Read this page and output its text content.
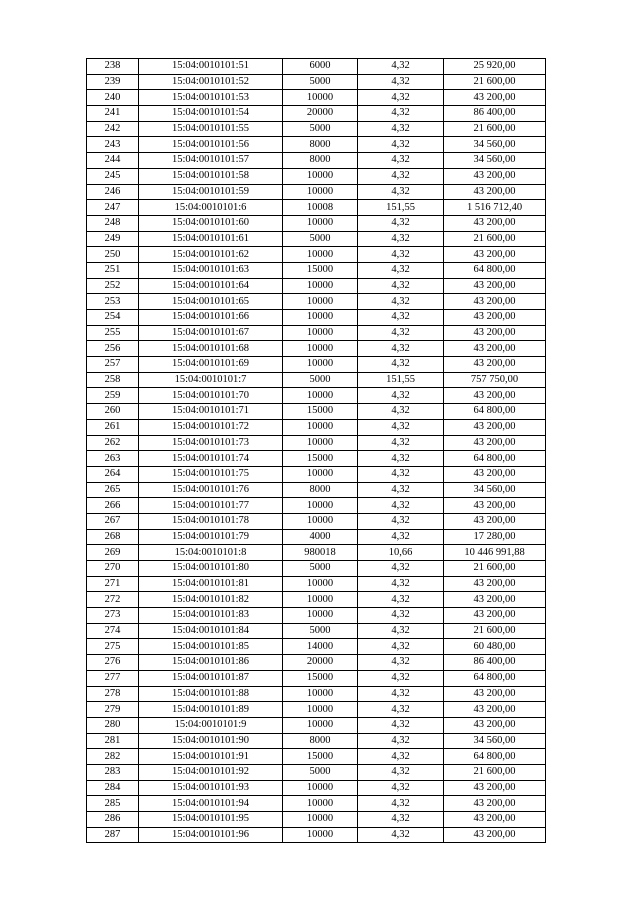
238	15:04:0010101:51	6000	4,32	25 920,00
239	15:04:0010101:52	5000	4,32	21 600,00
240	15:04:0010101:53	10000	4,32	43 200,00
241	15:04:0010101:54	20000	4,32	86 400,00
242	15:04:0010101:55	5000	4,32	21 600,00
243	15:04:0010101:56	8000	4,32	34 560,00
244	15:04:0010101:57	8000	4,32	34 560,00
245	15:04:0010101:58	10000	4,32	43 200,00
246	15:04:0010101:59	10000	4,32	43 200,00
247	15:04:0010101:6	10008	151,55	1 516 712,40
248	15:04:0010101:60	10000	4,32	43 200,00
249	15:04:0010101:61	5000	4,32	21 600,00
250	15:04:0010101:62	10000	4,32	43 200,00
251	15:04:0010101:63	15000	4,32	64 800,00
252	15:04:0010101:64	10000	4,32	43 200,00
253	15:04:0010101:65	10000	4,32	43 200,00
254	15:04:0010101:66	10000	4,32	43 200,00
255	15:04:0010101:67	10000	4,32	43 200,00
256	15:04:0010101:68	10000	4,32	43 200,00
257	15:04:0010101:69	10000	4,32	43 200,00
258	15:04:0010101:7	5000	151,55	757 750,00
259	15:04:0010101:70	10000	4,32	43 200,00
260	15:04:0010101:71	15000	4,32	64 800,00
261	15:04:0010101:72	10000	4,32	43 200,00
262	15:04:0010101:73	10000	4,32	43 200,00
263	15:04:0010101:74	15000	4,32	64 800,00
264	15:04:0010101:75	10000	4,32	43 200,00
265	15:04:0010101:76	8000	4,32	34 560,00
266	15:04:0010101:77	10000	4,32	43 200,00
267	15:04:0010101:78	10000	4,32	43 200,00
268	15:04:0010101:79	4000	4,32	17 280,00
269	15:04:0010101:8	980018	10,66	10 446 991,88
270	15:04:0010101:80	5000	4,32	21 600,00
271	15:04:0010101:81	10000	4,32	43 200,00
272	15:04:0010101:82	10000	4,32	43 200,00
273	15:04:0010101:83	10000	4,32	43 200,00
274	15:04:0010101:84	5000	4,32	21 600,00
275	15:04:0010101:85	14000	4,32	60 480,00
276	15:04:0010101:86	20000	4,32	86 400,00
277	15:04:0010101:87	15000	4,32	64 800,00
278	15:04:0010101:88	10000	4,32	43 200,00
279	15:04:0010101:89	10000	4,32	43 200,00
280	15:04:0010101:9	10000	4,32	43 200,00
281	15:04:0010101:90	8000	4,32	34 560,00
282	15:04:0010101:91	15000	4,32	64 800,00
283	15:04:0010101:92	5000	4,32	21 600,00
284	15:04:0010101:93	10000	4,32	43 200,00
285	15:04:0010101:94	10000	4,32	43 200,00
286	15:04:0010101:95	10000	4,32	43 200,00
287	15:04:0010101:96	10000	4,32	43 200,00
